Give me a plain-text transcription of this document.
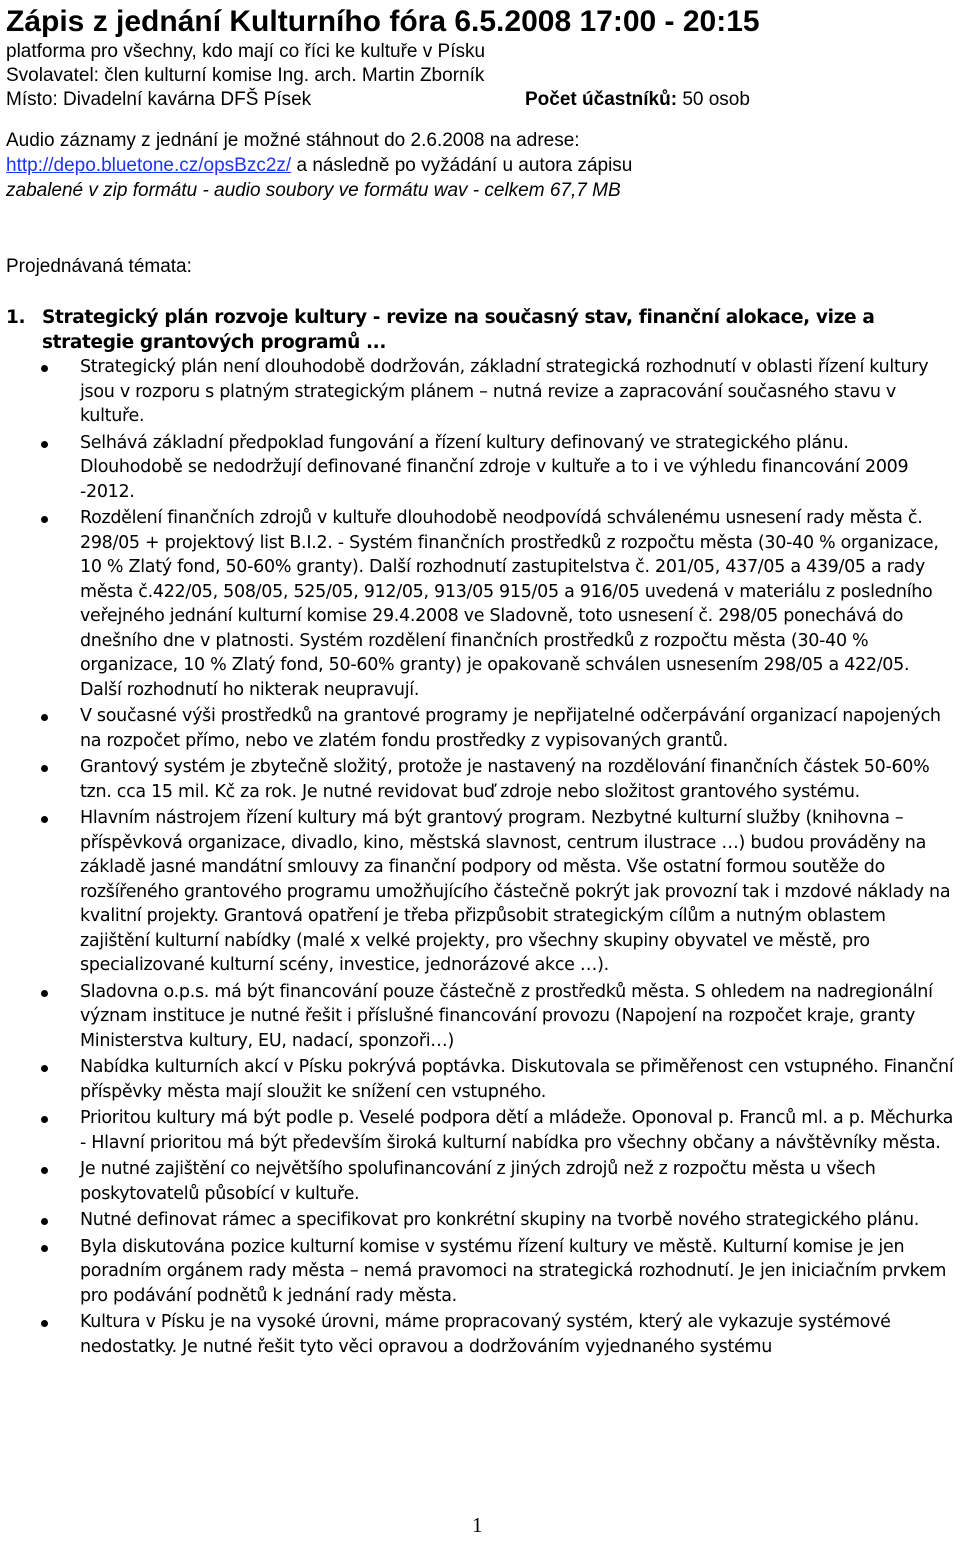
Zápis z jednání Kulturního fóra 6.5.2008 17:00 - 20:15
platforma pro všechny, kdo mají co říci ke kultuře v Písku
Svolavatel: člen kulturní komise Ing. arch. Martin Zborník
Místo: Divadelní kavárna DFŠ Písek	Počet účastníků: 50 osob
Audio záznamy z jednání je možné stáhnout do 2.6.2008 na adrese:
http://depo.bluetone.cz/opsBzc2z/ a následně po vyžádání u autora zápisu
zabalené v zip formátu - audio soubory ve formátu wav - celkem 67,7 MB
Projednávaná témata:
1. Strategický plán rozvoje kultury - revize na současný stav, finanční alokace, vize a strategie grantových programů ...
Strategický plán není dlouhodobě dodržován, základní strategická rozhodnutí v oblasti řízení kultury jsou v rozporu s platným strategickým plánem – nutná revize a zapracování současného stavu v kultuře.
Selhává základní předpoklad fungování a řízení kultury definovaný ve strategického plánu. Dlouhodobě se nedodržují definované finanční zdroje v kultuře a to i ve výhledu financování 2009 -2012.
Rozdělení finančních zdrojů v kultuře dlouhodobě neodpovídá schválenému usnesení rady města č. 298/05 + projektový list B.I.2. - Systém finančních prostředků z rozpočtu města (30-40 % organizace, 10 % Zlatý fond, 50-60% granty). Další rozhodnutí zastupitelstva č. 201/05, 437/05 a 439/05 a rady města č.422/05, 508/05, 525/05, 912/05, 913/05 915/05 a 916/05 uvedená v materiálu z posledního veřejného jednání kulturní komise 29.4.2008 ve Sladovně, toto usnesení č. 298/05 ponechává do dnešního dne v platnosti. Systém rozdělení finančních prostředků z rozpočtu města (30-40 % organizace, 10 % Zlatý fond, 50-60% granty) je opakovaně schválen usnesením 298/05 a 422/05. Další rozhodnutí ho nikterak neupravují.
V současné výši prostředků na grantové programy je nepřijatelné odčerpávání organizací napojených na rozpočet přímo, nebo ve zlatém fondu prostředky z vypisovaných grantů.
Grantový systém je zbytečně složitý, protože je nastavený na rozdělování finančních částek 50-60% tzn. cca 15 mil. Kč za rok. Je nutné revidovat buď zdroje nebo složitost grantového systému.
Hlavním nástrojem řízení kultury má být grantový program. Nezbytné kulturní služby (knihovna – příspěvková organizace, divadlo, kino, městská slavnost, centrum ilustrace …) budou prováděny na základě jasné mandátní smlouvy za finanční podpory od města. Vše ostatní formou soutěže do rozšířeného grantového programu umožňujícího částečně pokrýt jak provozní tak i mzdové náklady na kvalitní projekty. Grantová opatření je třeba přizpůsobit strategickým cílům a nutným oblastem zajištění kulturní nabídky (malé x velké projekty, pro všechny skupiny obyvatel ve městě, pro specializované kulturní scény, investice, jednorázové akce …).
Sladovna o.p.s. má být financování pouze částečně z prostředků města. S ohledem na nadregionální význam instituce je nutné řešit i příslušné financování provozu (Napojení na rozpočet kraje, granty Ministerstva kultury, EU, nadací, sponzoři…)
Nabídka kulturních akcí v Písku pokrývá poptávka. Diskutovala se přiměřenost cen vstupného. Finanční příspěvky města mají sloužit ke snížení cen vstupného.
Prioritou kultury má být podle p. Veselé podpora dětí a mládeže. Oponoval p. Franců ml. a p. Měchurka - Hlavní prioritou má být především široká kulturní nabídka pro všechny občany a návštěvníky města.
Je nutné zajištění co největšího spolufinancování z jiných zdrojů než z rozpočtu města u všech poskytovatelů působící v kultuře.
Nutné definovat rámec a specifikovat pro konkrétní skupiny na tvorbě nového strategického plánu.
Byla diskutována pozice kulturní komise v systému řízení kultury ve městě. Kulturní komise je jen poradním orgánem rady města – nemá pravomoci na strategická rozhodnutí. Je jen iniciačním prvkem pro podávání podnětů k jednání rady města.
Kultura v Písku je na vysoké úrovni, máme propracovaný systém, který ale vykazuje systémové nedostatky. Je nutné řešit tyto věci opravou a dodržováním vyjednaného systému
1
